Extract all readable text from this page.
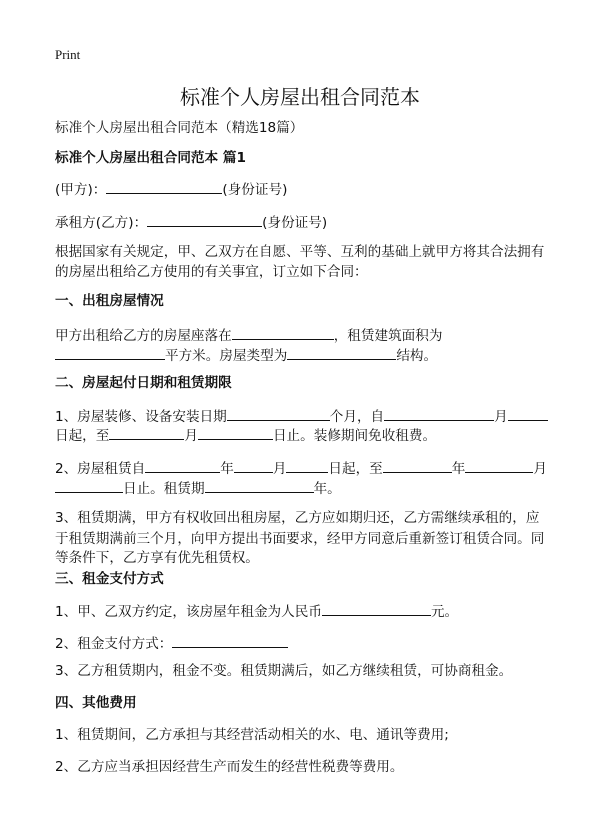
Print
标准个人房屋出租合同范本
标准个人房屋出租合同范本（精选18篇）
标准个人房屋出租合同范本 篇1
(甲方)：	(身份证号)
承租方(乙方)：	(身份证号)
根据国家有关规定，甲、乙双方在自愿、平等、互利的基础上就甲方将其合法拥有
的房屋出租给乙方使用的有关事宜，订立如下合同：
一、出租房屋情况
甲方出租给乙方的房屋座落在	，租赁建筑面积为
平方米。房屋类型为	结构。
二、房屋起付日期和租赁期限
1、房屋装修、设备安装日期	个月，自	月
日起，至	月	日止。装修期间免收租费。
2、房屋租赁自	年	月	日起，至	年	月
日止。租赁期	年。
3、租赁期满，甲方有权收回出租房屋，乙方应如期归还，乙方需继续承租的，应
于租赁期满前三个月，向甲方提出书面要求，经甲方同意后重新签订租赁合同。同
等条件下，乙方享有优先租赁权。
三、租金支付方式
1、甲、乙双方约定，该房屋年租金为人民币	元。
2、租金支付方式：
3、乙方租赁期内，租金不变。租赁期满后，如乙方继续租赁，可协商租金。
四、其他费用
1、租赁期间，乙方承担与其经营活动相关的水、电、通讯等费用;
2、乙方应当承担因经营生产而发生的经营性税费等费用。
